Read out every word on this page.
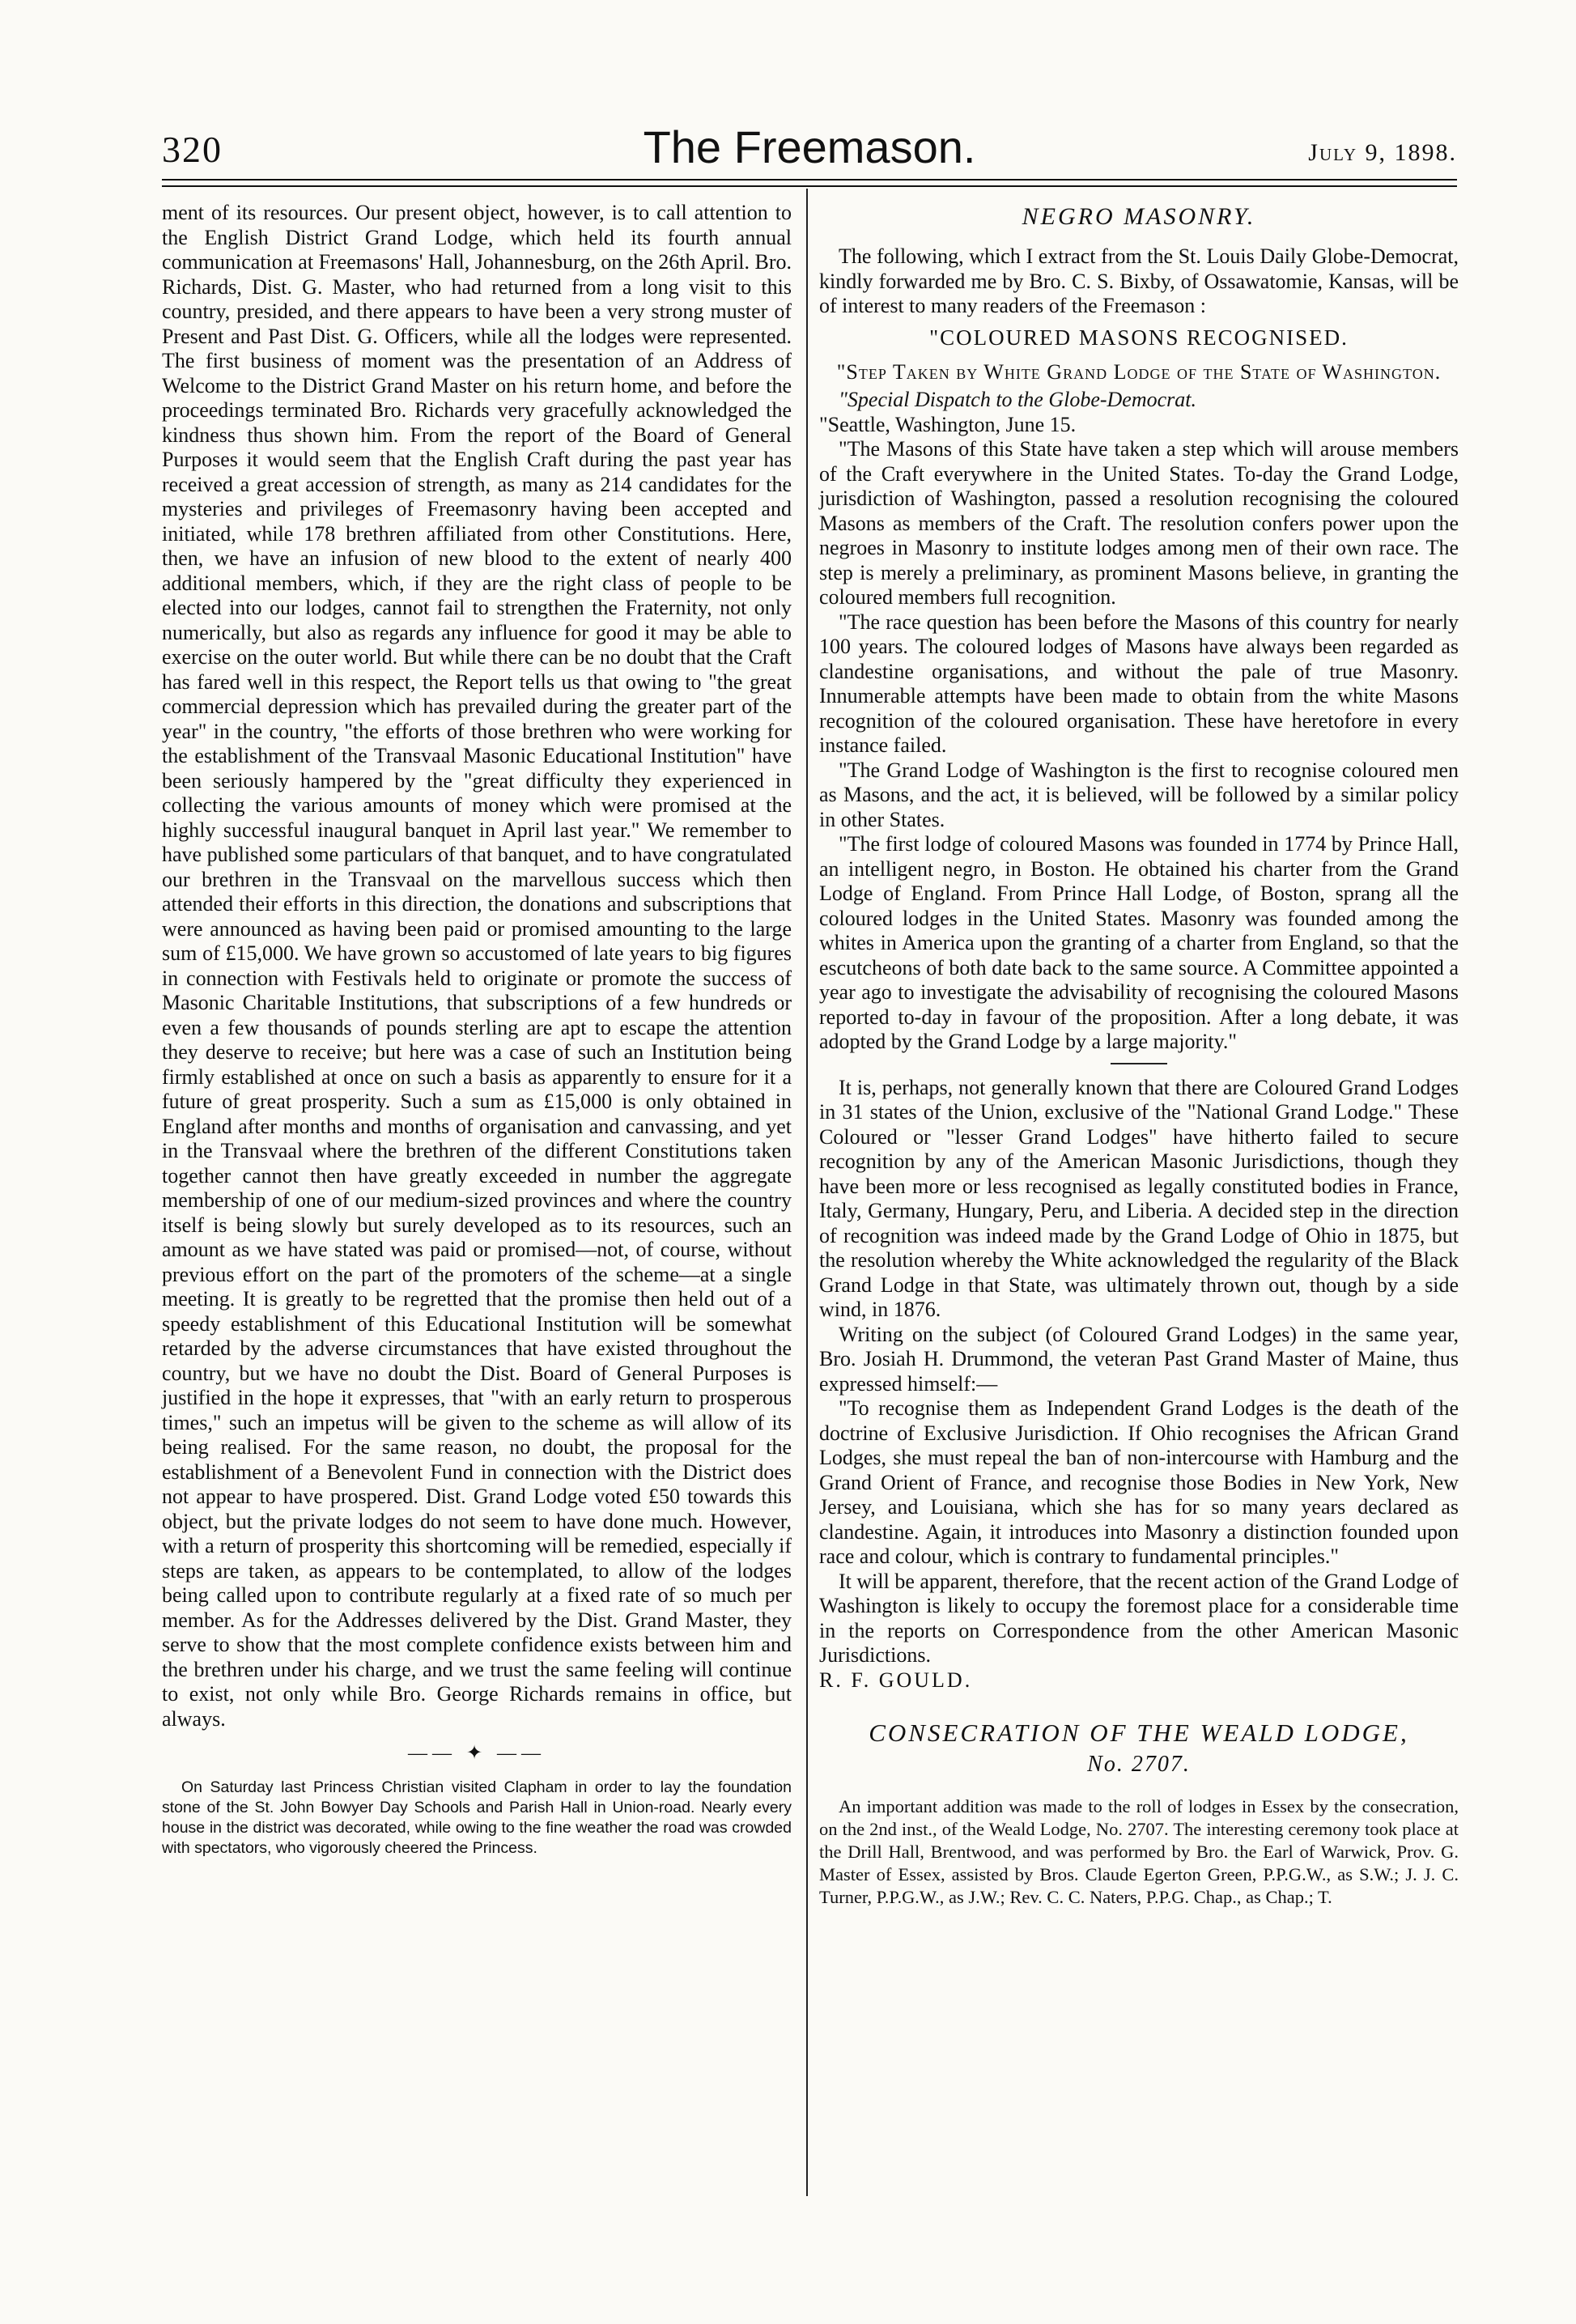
320	The Freemason.	July 9, 1898.

ment of its resources. Our present object, however, is to call attention to the English District Grand Lodge, which held its fourth annual communication at Freemasons' Hall, Johannesburg, on the 26th April. Bro. Richards, Dist. G. Master, who had returned from a long visit to this country, presided, and there appears to have been a very strong muster of Present and Past Dist. G. Officers, while all the lodges were represented. The first business of moment was the presentation of an Address of Welcome to the District Grand Master on his return home, and before the proceedings terminated Bro. Richards very gracefully acknowledged the kindness thus shown him. From the report of the Board of General Purposes it would seem that the English Craft during the past year has received a great accession of strength, as many as 214 candidates for the mysteries and privileges of Freemasonry having been accepted and initiated, while 178 brethren affiliated from other Constitutions. Here, then, we have an infusion of new blood to the extent of nearly 400 additional members, which, if they are the right class of people to be elected into our lodges, cannot fail to strengthen the Fraternity, not only numerically, but also as regards any influence for good it may be able to exercise on the outer world. But while there can be no doubt that the Craft has fared well in this respect, the Report tells us that owing to "the great commercial depression which has prevailed during the greater part of the year" in the country, "the efforts of those brethren who were working for the establishment of the Transvaal Masonic Educational Institution" have been seriously hampered by the "great difficulty they experienced in collecting the various amounts of money which were promised at the highly successful inaugural banquet in April last year." We remember to have published some particulars of that banquet, and to have congratulated our brethren in the Transvaal on the marvellous success which then attended their efforts in this direction, the donations and subscriptions that were announced as having been paid or promised amounting to the large sum of £15,000. We have grown so accustomed of late years to big figures in connection with Festivals held to originate or promote the success of Masonic Charitable Institutions, that subscriptions of a few hundreds or even a few thousands of pounds sterling are apt to escape the attention they deserve to receive; but here was a case of such an Institution being firmly established at once on such a basis as apparently to ensure for it a future of great prosperity. Such a sum as £15,000 is only obtained in England after months and months of organisation and canvassing, and yet in the Transvaal where the brethren of the different Constitutions taken together cannot then have greatly exceeded in number the aggregate membership of one of our medium-sized provinces and where the country itself is being slowly but surely developed as to its resources, such an amount as we have stated was paid or promised—not, of course, without previous effort on the part of the promoters of the scheme—at a single meeting. It is greatly to be regretted that the promise then held out of a speedy establishment of this Educational Institution will be somewhat retarded by the adverse circumstances that have existed throughout the country, but we have no doubt the Dist. Board of General Purposes is justified in the hope it expresses, that "with an early return to prosperous times," such an impetus will be given to the scheme as will allow of its being realised. For the same reason, no doubt, the proposal for the establishment of a Benevolent Fund in connection with the District does not appear to have prospered. Dist. Grand Lodge voted £50 towards this object, but the private lodges do not seem to have done much. However, with a return of prosperity this shortcoming will be remedied, especially if steps are taken, as appears to be contemplated, to allow of the lodges being called upon to contribute regularly at a fixed rate of so much per member. As for the Addresses delivered by the Dist. Grand Master, they serve to show that the most complete confidence exists between him and the brethren under his charge, and we trust the same feeling will continue to exist, not only while Bro. George Richards remains in office, but always.

—— ✦ ——

On Saturday last Princess Christian visited Clapham in order to lay the foundation stone of the St. John Bowyer Day Schools and Parish Hall in Union-road. Nearly every house in the district was decorated, while owing to the fine weather the road was crowded with spectators, who vigorously cheered the Princess.

NEGRO MASONRY.

The following, which I extract from the St. Louis Daily Globe-Democrat, kindly forwarded me by Bro. C. S. Bixby, of Ossawatomie, Kansas, will be of interest to many readers of the Freemason :

"COLOURED MASONS RECOGNISED.
"Step Taken by White Grand Lodge of the State of Washington.

"Special Dispatch to the Globe-Democrat.

"Seattle, Washington, June 15.

"The Masons of this State have taken a step which will arouse members of the Craft everywhere in the United States. To-day the Grand Lodge, jurisdiction of Washington, passed a resolution recognising the coloured Masons as members of the Craft. The resolution confers power upon the negroes in Masonry to institute lodges among men of their own race. The step is merely a preliminary, as prominent Masons believe, in granting the coloured members full recognition.

"The race question has been before the Masons of this country for nearly 100 years. The coloured lodges of Masons have always been regarded as clandestine organisations, and without the pale of true Masonry. Innumerable attempts have been made to obtain from the white Masons recognition of the coloured organisation. These have heretofore in every instance failed.

"The Grand Lodge of Washington is the first to recognise coloured men as Masons, and the act, it is believed, will be followed by a similar policy in other States.

"The first lodge of coloured Masons was founded in 1774 by Prince Hall, an intelligent negro, in Boston. He obtained his charter from the Grand Lodge of England. From Prince Hall Lodge, of Boston, sprang all the coloured lodges in the United States. Masonry was founded among the whites in America upon the granting of a charter from England, so that the escutcheons of both date back to the same source. A Committee appointed a year ago to investigate the advisability of recognising the coloured Masons reported to-day in favour of the proposition. After a long debate, it was adopted by the Grand Lodge by a large majority."

It is, perhaps, not generally known that there are Coloured Grand Lodges in 31 states of the Union, exclusive of the "National Grand Lodge." These Coloured or "lesser Grand Lodges" have hitherto failed to secure recognition by any of the American Masonic Jurisdictions, though they have been more or less recognised as legally constituted bodies in France, Italy, Germany, Hungary, Peru, and Liberia. A decided step in the direction of recognition was indeed made by the Grand Lodge of Ohio in 1875, but the resolution whereby the White acknowledged the regularity of the Black Grand Lodge in that State, was ultimately thrown out, though by a side wind, in 1876.

Writing on the subject (of Coloured Grand Lodges) in the same year, Bro. Josiah H. Drummond, the veteran Past Grand Master of Maine, thus expressed himself:—

"To recognise them as Independent Grand Lodges is the death of the doctrine of Exclusive Jurisdiction. If Ohio recognises the African Grand Lodges, she must repeal the ban of non-intercourse with Hamburg and the Grand Orient of France, and recognise those Bodies in New York, New Jersey, and Louisiana, which she has for so many years declared as clandestine. Again, it introduces into Masonry a distinction founded upon race and colour, which is contrary to fundamental principles."

It will be apparent, therefore, that the recent action of the Grand Lodge of Washington is likely to occupy the foremost place for a considerable time in the reports on Correspondence from the other American Masonic Jurisdictions.

R. F. GOULD.

CONSECRATION OF THE WEALD LODGE,
No. 2707.

An important addition was made to the roll of lodges in Essex by the consecration, on the 2nd inst., of the Weald Lodge, No. 2707. The interesting ceremony took place at the Drill Hall, Brentwood, and was performed by Bro. the Earl of Warwick, Prov. G. Master of Essex, assisted by Bros. Claude Egerton Green, P.P.G.W., as S.W.; J. J. C. Turner, P.P.G.W., as J.W.; Rev. C. C. Naters, P.P.G. Chap., as Chap.; T.
